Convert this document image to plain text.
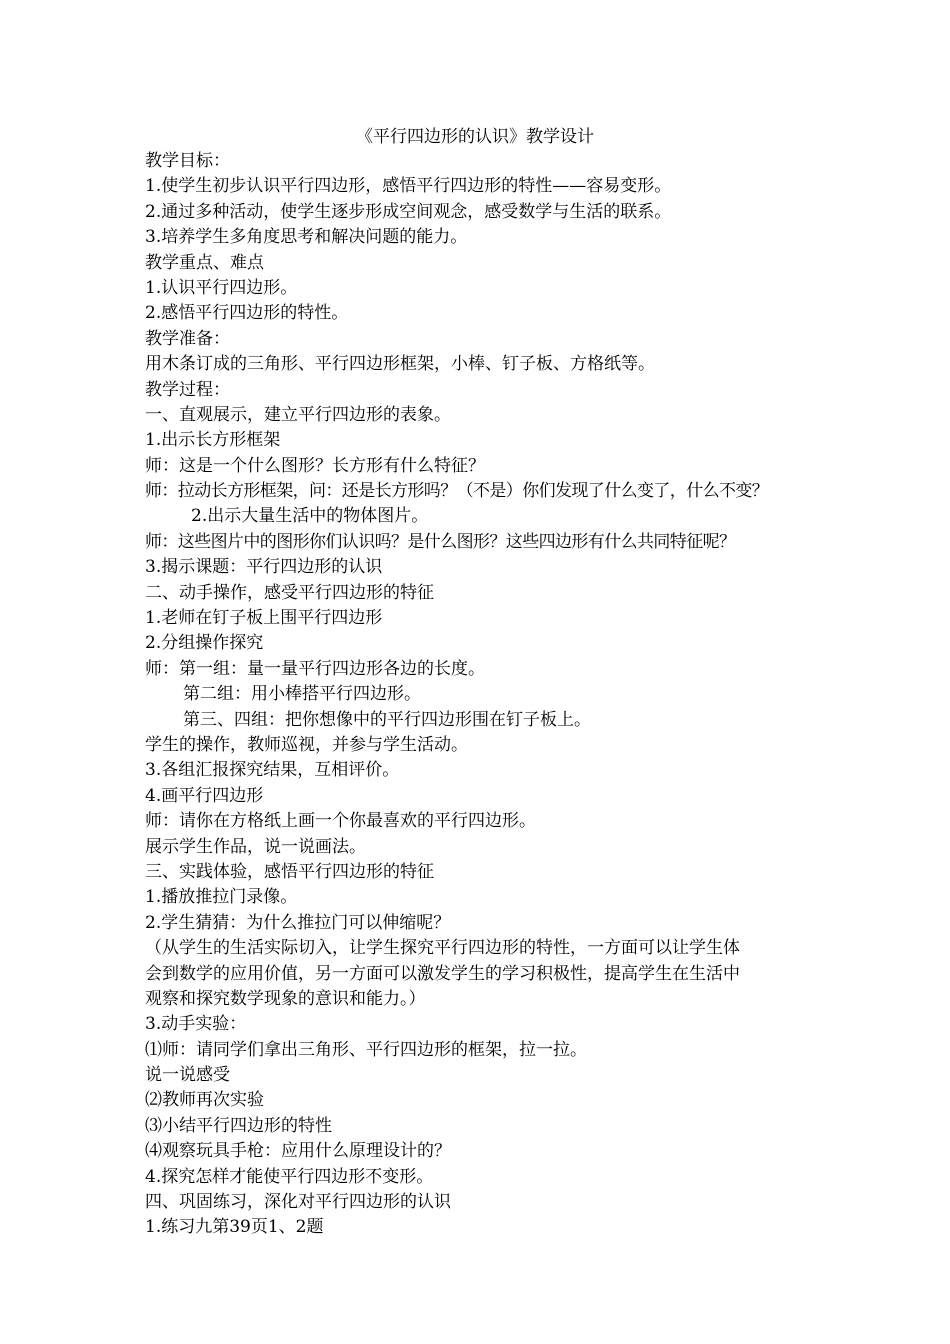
《平行四边形的认识》教学设计
教学目标：
1.使学生初步认识平行四边形，感悟平行四边形的特性——容易变形。
2.通过多种活动，使学生逐步形成空间观念，感受数学与生活的联系。
3.培养学生多角度思考和解决问题的能力。
教学重点、难点
1.认识平行四边形。
2.感悟平行四边形的特性。
教学准备：
用木条订成的三角形、平行四边形框架，小棒、钉子板、方格纸等。
教学过程：
一、直观展示，建立平行四边形的表象。
1.出示长方形框架
师：这是一个什么图形？长方形有什么特征？
师：拉动长方形框架，问：还是长方形吗？（不是）你们发现了什么变了，什么不变？
2.出示大量生活中的物体图片。
师：这些图片中的图形你们认识吗？是什么图形？这些四边形有什么共同特征呢？
3.揭示课题：平行四边形的认识
二、动手操作，感受平行四边形的特征
1.老师在钉子板上围平行四边形
2.分组操作探究
师：第一组：量一量平行四边形各边的长度。
第二组：用小棒搭平行四边形。
第三、四组：把你想像中的平行四边形围在钉子板上。
学生的操作，教师巡视，并参与学生活动。
3.各组汇报探究结果，互相评价。
4.画平行四边形
师：请你在方格纸上画一个你最喜欢的平行四边形。
展示学生作品，说一说画法。
三、实践体验，感悟平行四边形的特征
1.播放推拉门录像。
2.学生猜猜：为什么推拉门可以伸缩呢？
（从学生的生活实际切入，让学生探究平行四边形的特性，一方面可以让学生体
会到数学的应用价值，另一方面可以激发学生的学习积极性，提高学生在生活中
观察和探究数学现象的意识和能力。）
3.动手实验：
⑴师：请同学们拿出三角形、平行四边形的框架，拉一拉。
说一说感受
⑵教师再次实验
⑶小结平行四边形的特性
⑷观察玩具手枪：应用什么原理设计的？
4.探究怎样才能使平行四边形不变形。
四、巩固练习，深化对平行四边形的认识
1.练习九第39页1、2题
